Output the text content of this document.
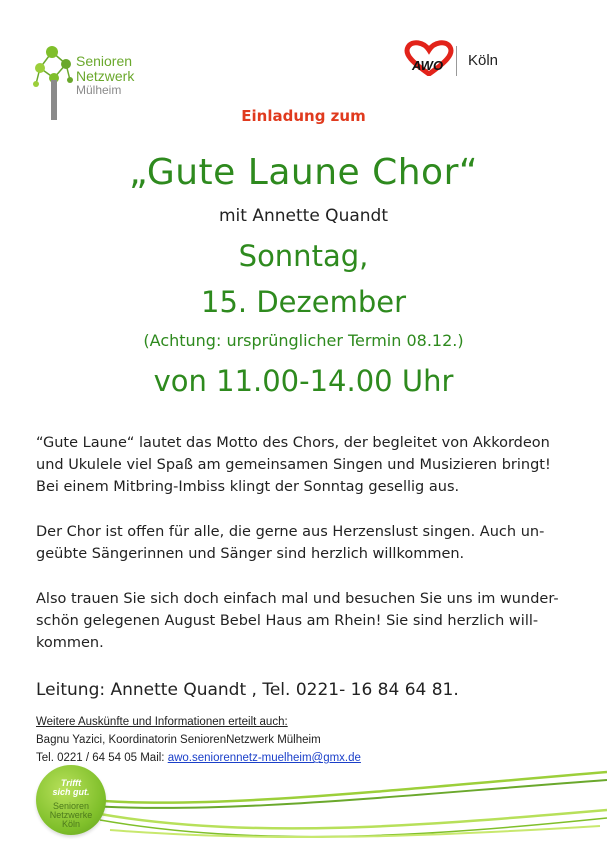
Senioren
Netzwerk
Mülheim
AWO Köln
Einladung zum
„Gute Laune Chor“
mit Annette Quandt
Sonntag,
15. Dezember
(Achtung: ursprünglicher Termin 08.12.)
von 11.00-14.00 Uhr
“Gute Laune“ lautet das Motto des Chors, der begleitet von Akkordeon
und Ukulele viel Spaß am gemeinsamen Singen und Musizieren bringt!
Bei einem Mitbring-Imbiss klingt der Sonntag gesellig aus.
Der Chor ist offen für alle, die gerne aus Herzenslust singen. Auch un-
geübte Sängerinnen und Sänger sind herzlich willkommen.
Also trauen Sie sich doch einfach mal und besuchen Sie uns im wunder-
schön gelegenen August Bebel Haus am Rhein! Sie sind herzlich will-
kommen.
Leitung: Annette Quandt , Tel. 0221- 16 84 64 81.
Weitere Auskünfte und Informationen erteilt auch:
Bagnu Yazici, Koordinatorin SeniorenNetzwerk Mülheim
Tel. 0221 / 64 54 05 Mail: awo.seniorennetz-muelheim@gmx.de
Trifft
sich gut.
Senioren
Netzwerke
Köln
